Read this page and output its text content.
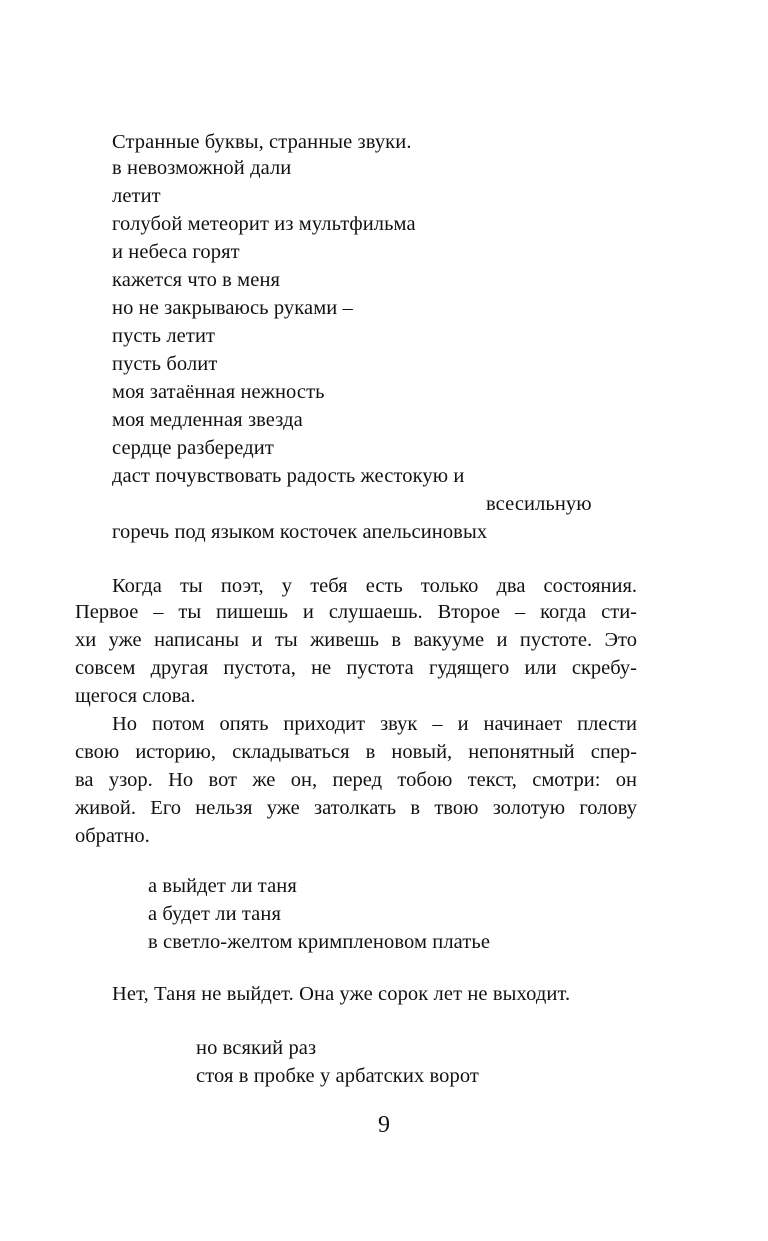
Странные буквы, странные звуки.
в невозможной дали
летит
голубой метеорит из мультфильма
и небеса горят
кажется что в меня
но не закрываюсь руками –
пусть летит
пусть болит
моя затаённая нежность
моя медленная звезда
сердце разбередит
даст почувствовать радость жестокую и
всесильную
горечь под языком косточек апельсиновых
Когда ты поэт, у тебя есть только два состояния.
Первое – ты пишешь и слушаешь. Второе – когда сти-
хи уже написаны и ты живешь в вакууме и пустоте. Это
совсем другая пустота, не пустота гудящего или скребу-
щегося слова.
Но потом опять приходит звук – и начинает плести
свою историю, складываться в новый, непонятный спер-
ва узор. Но вот же он, перед тобою текст, смотри: он
живой. Его нельзя уже затолкать в твою золотую голову
обратно.
а выйдет ли таня
а будет ли таня
в светло-желтом кримпленовом платье
Нет, Таня не выйдет. Она уже сорок лет не выходит.
но всякий раз
стоя в пробке у арбатских ворот
9
